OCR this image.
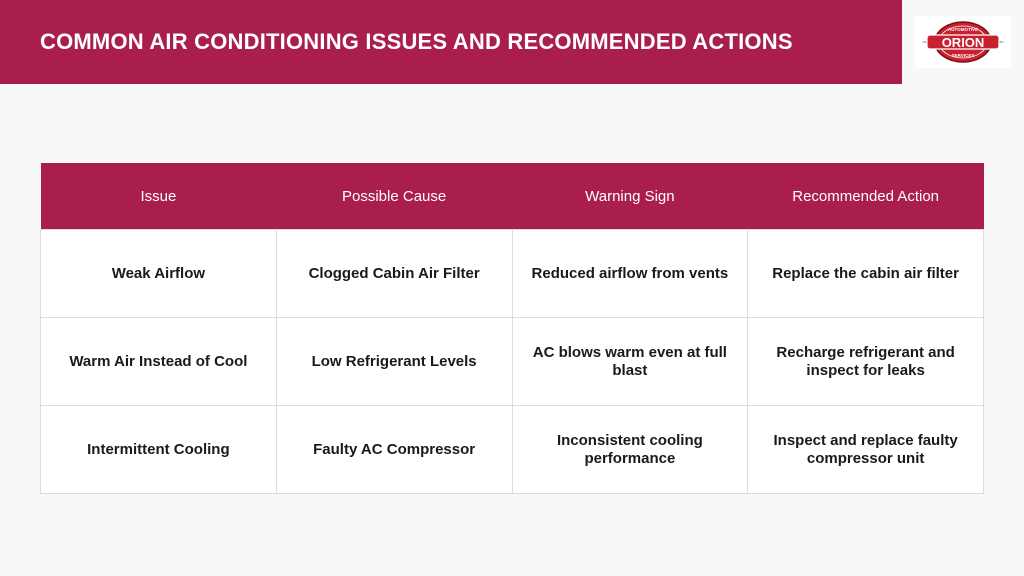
COMMON AIR CONDITIONING ISSUES AND RECOMMENDED ACTIONS	ORION
AUTOMOTIVE
SERVICES
Issue	Possible Cause	Warning Sign	Recommended Action
Weak Airflow	Clogged Cabin Air Filter	Reduced airflow from vents	Replace the cabin air filter
Warm Air Instead of Cool	Low Refrigerant Levels	AC blows warm even at full blast	Recharge refrigerant and inspect for leaks
Intermittent Cooling	Faulty AC Compressor	Inconsistent cooling performance	Inspect and replace faulty compressor unit
